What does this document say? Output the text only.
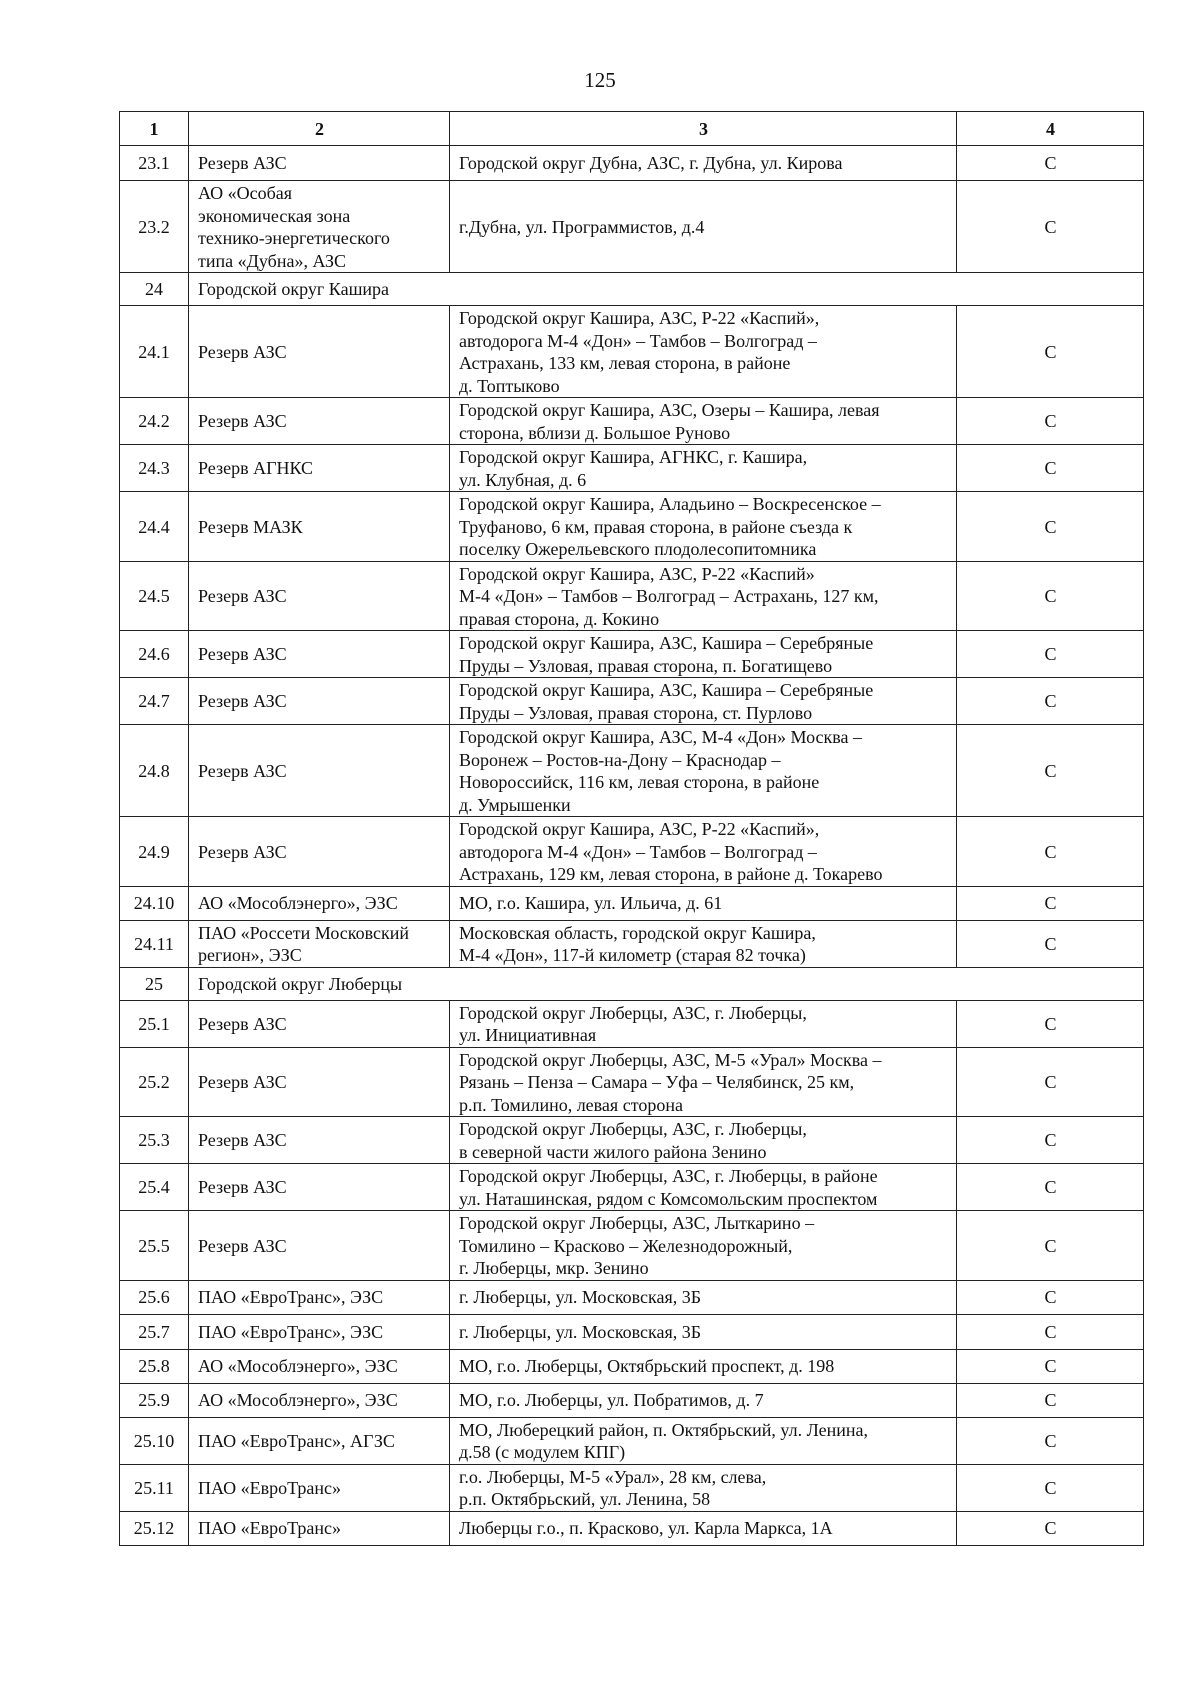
125
1	2	3	4
23.1	Резерв АЗС	Городской округ Дубна, АЗС, г. Дубна, ул. Кирова	С
23.2	АО «Особая
экономическая зона
технико-энергетического
типа «Дубна», АЗС	г.Дубна, ул. Программистов, д.4	С
24	Городской округ Кашира		
24.1	Резерв АЗС	Городской округ Кашира, АЗС, Р-22 «Каспий»,
автодорога М-4 «Дон» – Тамбов – Волгоград –
Астрахань, 133 км, левая сторона, в районе
д. Топтыково	С
24.2	Резерв АЗС	Городской округ Кашира, АЗС, Озеры – Кашира, левая
сторона, вблизи д. Большое Руново	С
24.3	Резерв АГНКС	Городской округ Кашира, АГНКС, г. Кашира,
ул. Клубная, д. 6	С
24.4	Резерв МАЗК	Городской округ Кашира, Аладьино – Воскресенское –
Труфаново, 6 км, правая сторона, в районе съезда к
поселку Ожерельевского плодолесопитомника	С
24.5	Резерв АЗС	Городской округ Кашира, АЗС, Р-22 «Каспий»
М-4 «Дон» – Тамбов – Волгоград – Астрахань, 127 км,
правая сторона, д. Кокино	С
24.6	Резерв АЗС	Городской округ Кашира, АЗС, Кашира – Серебряные
Пруды – Узловая, правая сторона, п. Богатищево	С
24.7	Резерв АЗС	Городской округ Кашира, АЗС, Кашира – Серебряные
Пруды – Узловая, правая сторона, ст. Пурлово	С
24.8	Резерв АЗС	Городской округ Кашира, АЗС, М-4 «Дон» Москва –
Воронеж – Ростов-на-Дону – Краснодар –
Новороссийск, 116 км, левая сторона, в районе
д. Умрышенки	С
24.9	Резерв АЗС	Городской округ Кашира, АЗС, Р-22 «Каспий»,
автодорога М-4 «Дон» – Тамбов – Волгоград –
Астрахань, 129 км, левая сторона, в районе д. Токарево	С
24.10	АО «Мособлэнерго», ЭЗС	МО, г.о. Кашира, ул. Ильича, д. 61	С
24.11	ПАО «Россети Московский
регион», ЭЗС	Московская область, городской округ Кашира,
М-4 «Дон», 117-й километр (старая 82 точка)	С
25	Городской округ Люберцы		
25.1	Резерв АЗС	Городской округ Люберцы, АЗС, г. Люберцы,
ул. Инициативная	С
25.2	Резерв АЗС	Городской округ Люберцы, АЗС, М-5 «Урал» Москва –
Рязань – Пенза – Самара – Уфа – Челябинск, 25 км,
р.п. Томилино, левая сторона	С
25.3	Резерв АЗС	Городской округ Люберцы, АЗС, г. Люберцы,
в северной части жилого района Зенино	С
25.4	Резерв АЗС	Городской округ Люберцы, АЗС, г. Люберцы, в районе
ул. Наташинская, рядом с Комсомольским проспектом	С
25.5	Резерв АЗС	Городской округ Люберцы, АЗС, Лыткарино –
Томилино – Красково – Железнодорожный,
г. Люберцы, мкр. Зенино	С
25.6	ПАО «ЕвроТранс», ЭЗС	г. Люберцы, ул. Московская, 3Б	С
25.7	ПАО «ЕвроТранс», ЭЗС	г. Люберцы, ул. Московская, 3Б	С
25.8	АО «Мособлэнерго», ЭЗС	МО, г.о. Люберцы, Октябрьский проспект, д. 198	С
25.9	АО «Мособлэнерго», ЭЗС	МО, г.о. Люберцы, ул. Побратимов, д. 7	С
25.10	ПАО «ЕвроТранс», АГЗС	МО, Люберецкий район, п. Октябрьский, ул. Ленина,
д.58 (с модулем КПГ)	С
25.11	ПАО «ЕвроТранс»	г.о. Люберцы, М-5 «Урал», 28 км, слева,
р.п. Октябрьский, ул. Ленина, 58	С
25.12	ПАО «ЕвроТранс»	Люберцы г.о., п. Красково, ул. Карла Маркса, 1А	С
